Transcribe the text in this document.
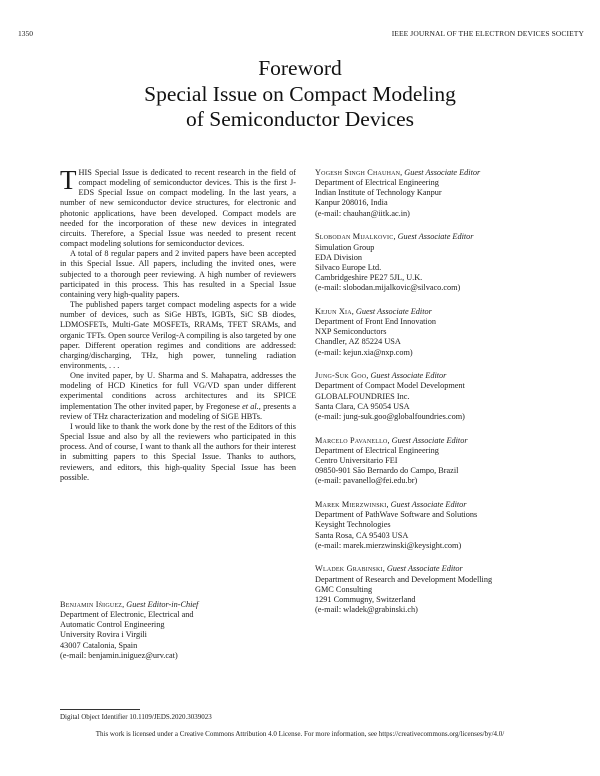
1350	IEEE JOURNAL OF THE ELECTRON DEVICES SOCIETY
Foreword
Special Issue on Compact Modeling
of Semiconductor Devices

THIS Special Issue is dedicated to recent research in the field of compact modeling of semiconductor devices. This is the first J-EDS Special Issue on compact modeling. In the last years, a number of new semiconductor device structures, for electronic and photonic applications, have been developed. Compact models are needed for the incorporation of these new devices in integrated circuits. Therefore, a Special Issue was needed to present recent compact modeling solutions for semiconductor devices.

A total of 8 regular papers and 2 invited papers have been accepted in this Special Issue. All papers, including the invited ones, were subjected to a thorough peer reviewing. A high number of reviewers participated in this process. This has resulted in a Special Issue containing very high-quality papers.

The published papers target compact modeling aspects for a wide number of devices, such as SiGe HBTs, IGBTs, SiC SB diodes, LDMOSFETs, Multi-Gate MOSFETs, RRAMs, TFET SRAMs, and organic TFTs. Open source Verilog-A compiling is also targeted by one paper. Different operation regimes and conditions are addressed: charging/discharging, THz, high power, tunneling radiation environments, . . .

One invited paper, by U. Sharma and S. Mahapatra, addresses the modeling of HCD Kinetics for full VG/VD span under different experimental conditions across architectures and its SPICE implementation The other invited paper, by Fregonese et al., presents a review of THz characterization and modeling of SiGE HBTs.

I would like to thank the work done by the rest of the Editors of this Special Issue and also by all the reviewers who participated in this process. And of course, I want to thank all the authors for their interest in submitting papers to this Special Issue. Thanks to authors, reviewers, and editors, this high-quality Special Issue has been possible.

Benjamin Iñiguez, Guest Editor-in-Chief
Department of Electronic, Electrical and
Automatic Control Engineering
University Rovira i Virgili
43007 Catalonia, Spain
(e-mail: benjamin.iniguez@urv.cat)
Yogesh Singh Chauhan, Guest Associate Editor
Department of Electrical Engineering
Indian Institute of Technology Kanpur
Kanpur 208016, India
(e-mail: chauhan@iitk.ac.in)
Slobodan Mijalkovic, Guest Associate Editor
Simulation Group
EDA Division
Silvaco Europe Ltd.
Cambridgeshire PE27 5JL, U.K.
(e-mail: slobodan.mijalkovic@silvaco.com)
Kejun Xia, Guest Associate Editor
Department of Front End Innovation
NXP Semiconductors
Chandler, AZ 85224 USA
(e-mail: kejun.xia@nxp.com)
Jung-Suk Goo, Guest Associate Editor
Department of Compact Model Development
GLOBALFOUNDRIES Inc.
Santa Clara, CA 95054 USA
(e-mail: jung-suk.goo@globalfoundries.com)
Marcelo Pavanello, Guest Associate Editor
Department of Electrical Engineering
Centro Universitario FEI
09850-901 São Bernardo do Campo, Brazil
(e-mail: pavanello@fei.edu.br)
Marek Mierzwinski, Guest Associate Editor
Department of PathWave Software and Solutions
Keysight Technologies
Santa Rosa, CA 95403 USA
(e-mail: marek.mierzwinski@keysight.com)
Wladek Grabinski, Guest Associate Editor
Department of Research and Development Modelling
GMC Consulting
1291 Commugny, Switzerland
(e-mail: wladek@grabinski.ch)
Digital Object Identifier 10.1109/JEDS.2020.3039023
This work is licensed under a Creative Commons Attribution 4.0 License. For more information, see https://creativecommons.org/licenses/by/4.0/
